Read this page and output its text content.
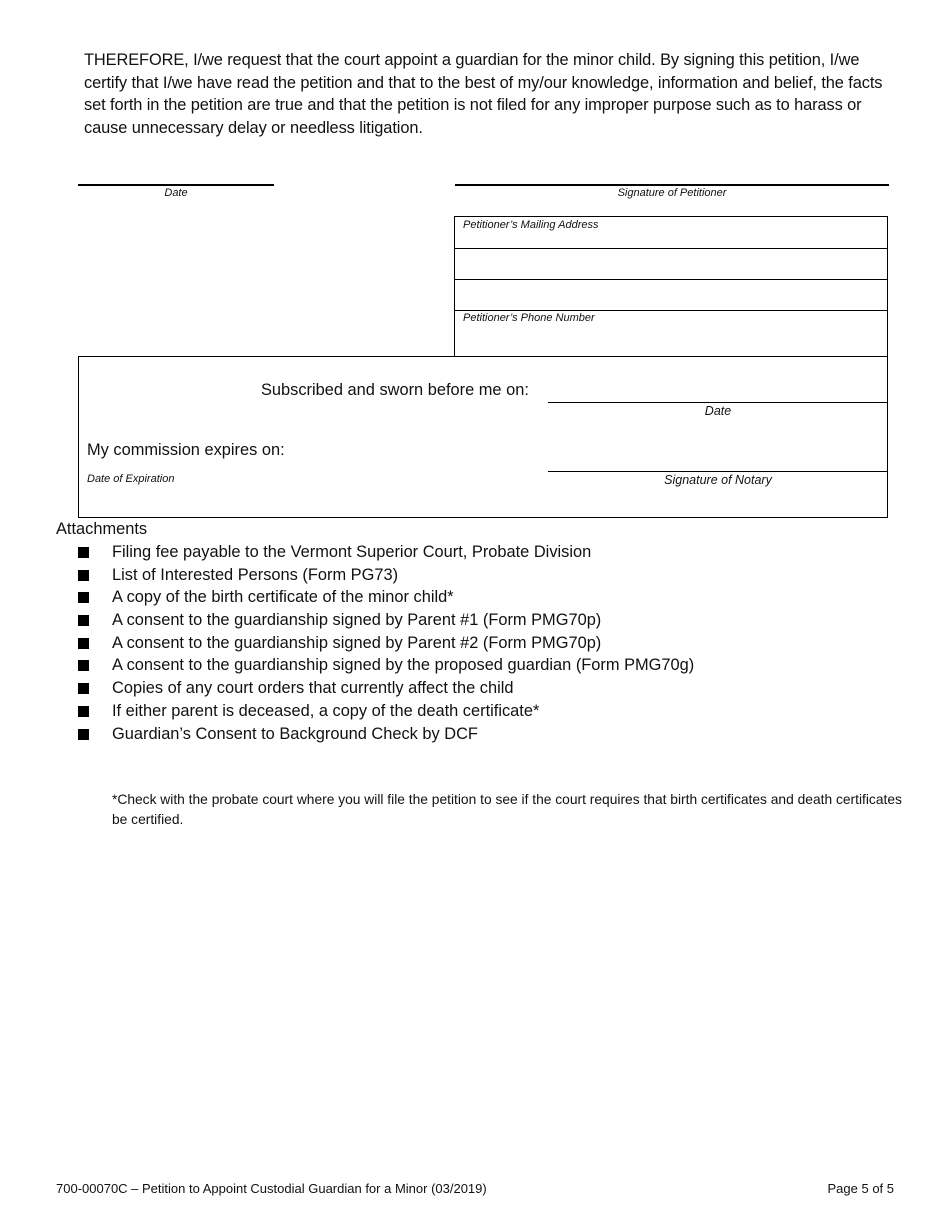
THEREFORE, I/we request that the court appoint a guardian for the minor child. By signing this petition, I/we certify that I/we have read the petition and that to the best of my/our knowledge, information and belief, the facts set forth in the petition are true and that the petition is not filed for any improper purpose such as to harass or cause unnecessary delay or needless litigation.
Date	Signature of Petitioner
Petitioner’s Mailing Address
Petitioner’s Phone Number
Subscribed and sworn before me on:
Date
My commission expires on:
Date of Expiration	Signature of Notary
Attachments
Filing fee payable to the Vermont Superior Court, Probate Division
List of Interested Persons (Form PG73)
A copy of the birth certificate of the minor child*
A consent to the guardianship signed by Parent #1 (Form PMG70p)
A consent to the guardianship signed by Parent #2 (Form PMG70p)
A consent to the guardianship signed by the proposed guardian (Form PMG70g)
Copies of any court orders that currently affect the child
If either parent is deceased, a copy of the death certificate*
Guardian’s Consent to Background Check by DCF
*Check with the probate court where you will file the petition to see if the court requires that birth certificates and death certificates be certified.
700-00070C – Petition to Appoint Custodial Guardian for a Minor (03/2019)	Page 5 of 5
